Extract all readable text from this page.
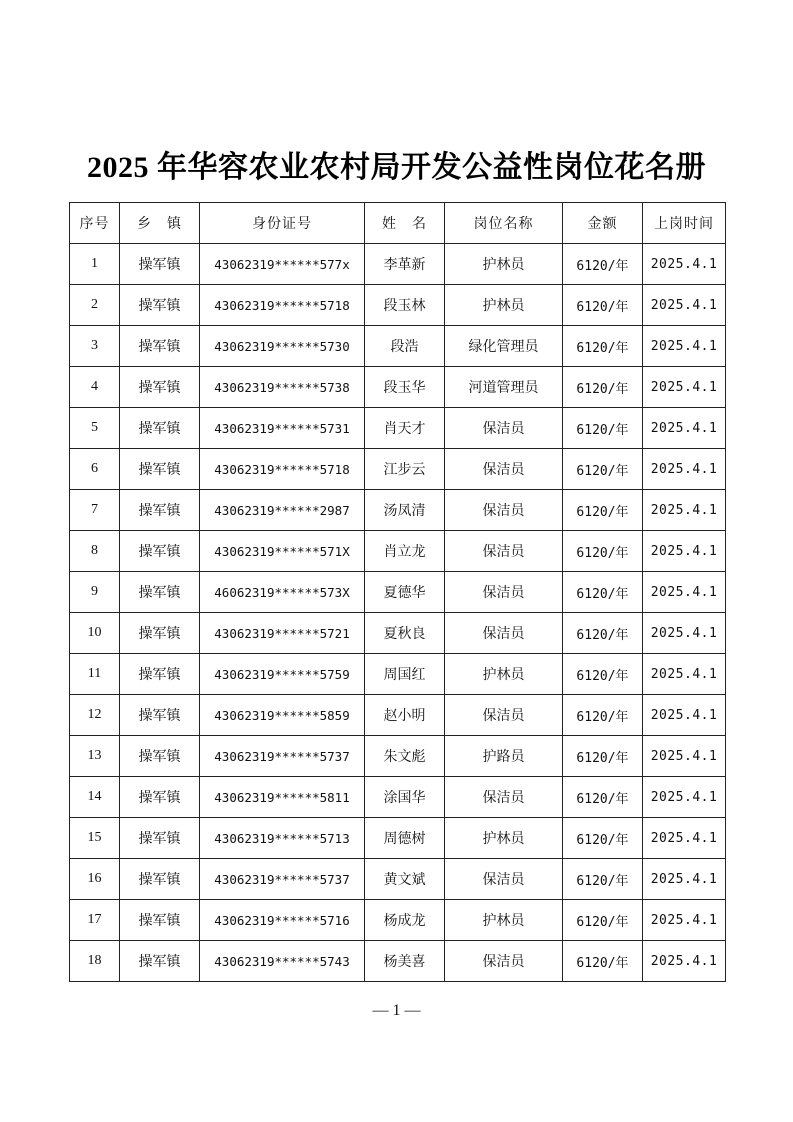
2025 年华容农业农村局开发公益性岗位花名册
序号	乡　镇	身份证号	姓　名	岗位名称	金额	上岗时间
1	操军镇	43062319******577x	李革新	护林员	6120/年	2025.4.1
2	操军镇	43062319******5718	段玉林	护林员	6120/年	2025.4.1
3	操军镇	43062319******5730	段浩	绿化管理员	6120/年	2025.4.1
4	操军镇	43062319******5738	段玉华	河道管理员	6120/年	2025.4.1
5	操军镇	43062319******5731	肖天才	保洁员	6120/年	2025.4.1
6	操军镇	43062319******5718	江步云	保洁员	6120/年	2025.4.1
7	操军镇	43062319******2987	汤凤清	保洁员	6120/年	2025.4.1
8	操军镇	43062319******571X	肖立龙	保洁员	6120/年	2025.4.1
9	操军镇	46062319******573X	夏德华	保洁员	6120/年	2025.4.1
10	操军镇	43062319******5721	夏秋良	保洁员	6120/年	2025.4.1
11	操军镇	43062319******5759	周国红	护林员	6120/年	2025.4.1
12	操军镇	43062319******5859	赵小明	保洁员	6120/年	2025.4.1
13	操军镇	43062319******5737	朱文彪	护路员	6120/年	2025.4.1
14	操军镇	43062319******5811	涂国华	保洁员	6120/年	2025.4.1
15	操军镇	43062319******5713	周德树	护林员	6120/年	2025.4.1
16	操军镇	43062319******5737	黄文斌	保洁员	6120/年	2025.4.1
17	操军镇	43062319******5716	杨成龙	护林员	6120/年	2025.4.1
18	操军镇	43062319******5743	杨美喜	保洁员	6120/年	2025.4.1
— 1 —
